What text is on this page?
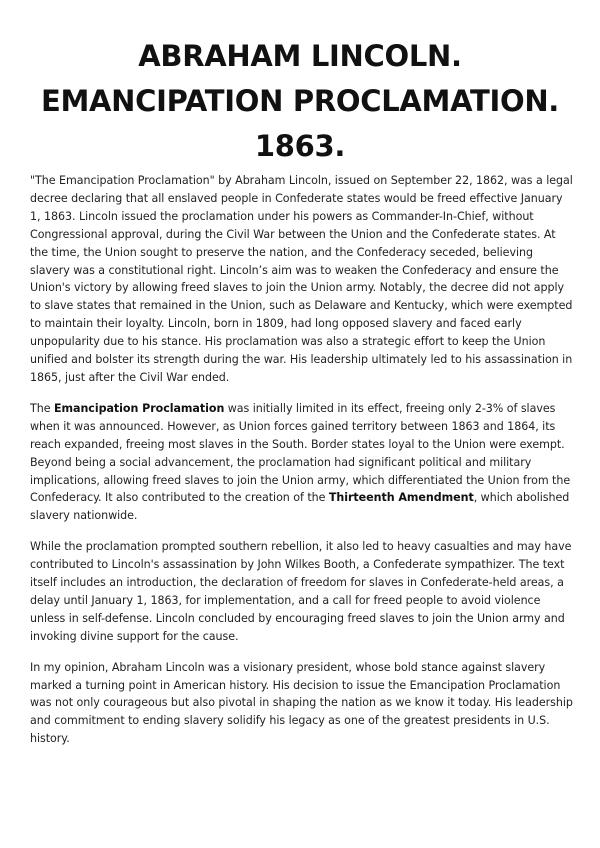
ABRAHAM LINCOLN.
EMANCIPATION PROCLAMATION.
1863.

"The Emancipation Proclamation" by Abraham Lincoln, issued on September 22, 1862, was a legal decree declaring that all enslaved people in Confederate states would be freed effective January 1, 1863. Lincoln issued the proclamation under his powers as Commander-In-Chief, without Congressional approval, during the Civil War between the Union and the Confederate states. At the time, the Union sought to preserve the nation, and the Confederacy seceded, believing slavery was a constitutional right. Lincoln’s aim was to weaken the Confederacy and ensure the Union's victory by allowing freed slaves to join the Union army. Notably, the decree did not apply to slave states that remained in the Union, such as Delaware and Kentucky, which were exempted to maintain their loyalty. Lincoln, born in 1809, had long opposed slavery and faced early unpopularity due to his stance. His proclamation was also a strategic effort to keep the Union unified and bolster its strength during the war. His leadership ultimately led to his assassination in 1865, just after the Civil War ended.

The Emancipation Proclamation was initially limited in its effect, freeing only 2-3% of slaves when it was announced. However, as Union forces gained territory between 1863 and 1864, its reach expanded, freeing most slaves in the South. Border states loyal to the Union were exempt. Beyond being a social advancement, the proclamation had significant political and military implications, allowing freed slaves to join the Union army, which differentiated the Union from the Confederacy. It also contributed to the creation of the Thirteenth Amendment, which abolished slavery nationwide.

While the proclamation prompted southern rebellion, it also led to heavy casualties and may have contributed to Lincoln's assassination by John Wilkes Booth, a Confederate sympathizer. The text itself includes an introduction, the declaration of freedom for slaves in Confederate-held areas, a delay until January 1, 1863, for implementation, and a call for freed people to avoid violence unless in self-defense. Lincoln concluded by encouraging freed slaves to join the Union army and invoking divine support for the cause.

In my opinion, Abraham Lincoln was a visionary president, whose bold stance against slavery marked a turning point in American history. His decision to issue the Emancipation Proclamation was not only courageous but also pivotal in shaping the nation as we know it today. His leadership and commitment to ending slavery solidify his legacy as one of the greatest presidents in U.S. history.
